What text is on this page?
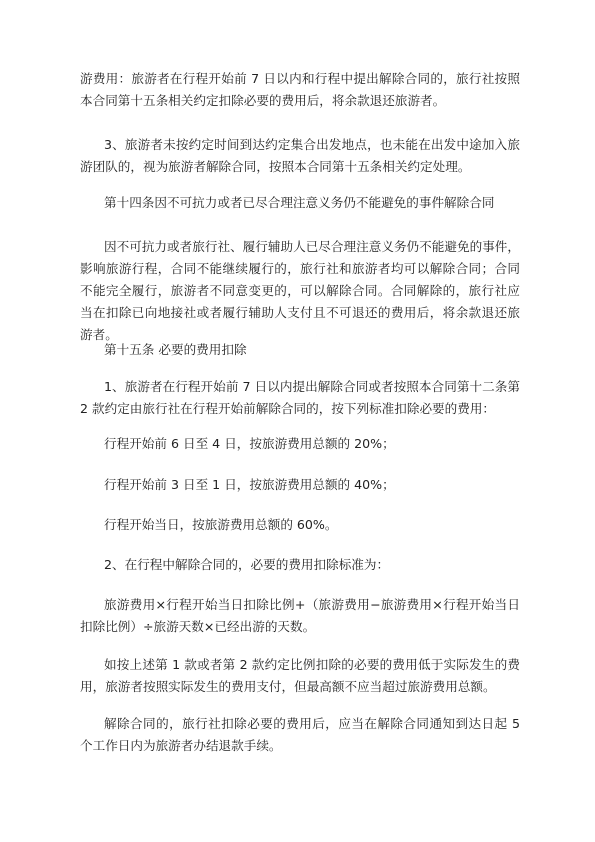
游费用：旅游者在行程开始前 7 日以内和行程中提出解除合同的，旅行社按照本合同第十五条相关约定扣除必要的费用后，将余款退还旅游者。

3、旅游者未按约定时间到达约定集合出发地点，也未能在出发中途加入旅游团队的，视为旅游者解除合同，按照本合同第十五条相关约定处理。

第十四条因不可抗力或者已尽合理注意义务仍不能避免的事件解除合同

因不可抗力或者旅行社、履行辅助人已尽合理注意义务仍不能避免的事件，影响旅游行程，合同不能继续履行的，旅行社和旅游者均可以解除合同；合同不能完全履行，旅游者不同意变更的，可以解除合同。合同解除的，旅行社应当在扣除已向地接社或者履行辅助人支付且不可退还的费用后，将余款退还旅游者。

第十五条 必要的费用扣除

1、旅游者在行程开始前 7 日以内提出解除合同或者按照本合同第十二条第 2 款约定由旅行社在行程开始前解除合同的，按下列标准扣除必要的费用：

行程开始前 6 日至 4 日，按旅游费用总额的 20%；

行程开始前 3 日至 1 日，按旅游费用总额的 40%；

行程开始当日，按旅游费用总额的 60%。

2、在行程中解除合同的，必要的费用扣除标准为：

旅游费用×行程开始当日扣除比例+（旅游费用−旅游费用×行程开始当日扣除比例）÷旅游天数×已经出游的天数。

如按上述第 1 款或者第 2 款约定比例扣除的必要的费用低于实际发生的费用，旅游者按照实际发生的费用支付，但最高额不应当超过旅游费用总额。

解除合同的，旅行社扣除必要的费用后，应当在解除合同通知到达日起 5 个工作日内为旅游者办结退款手续。
